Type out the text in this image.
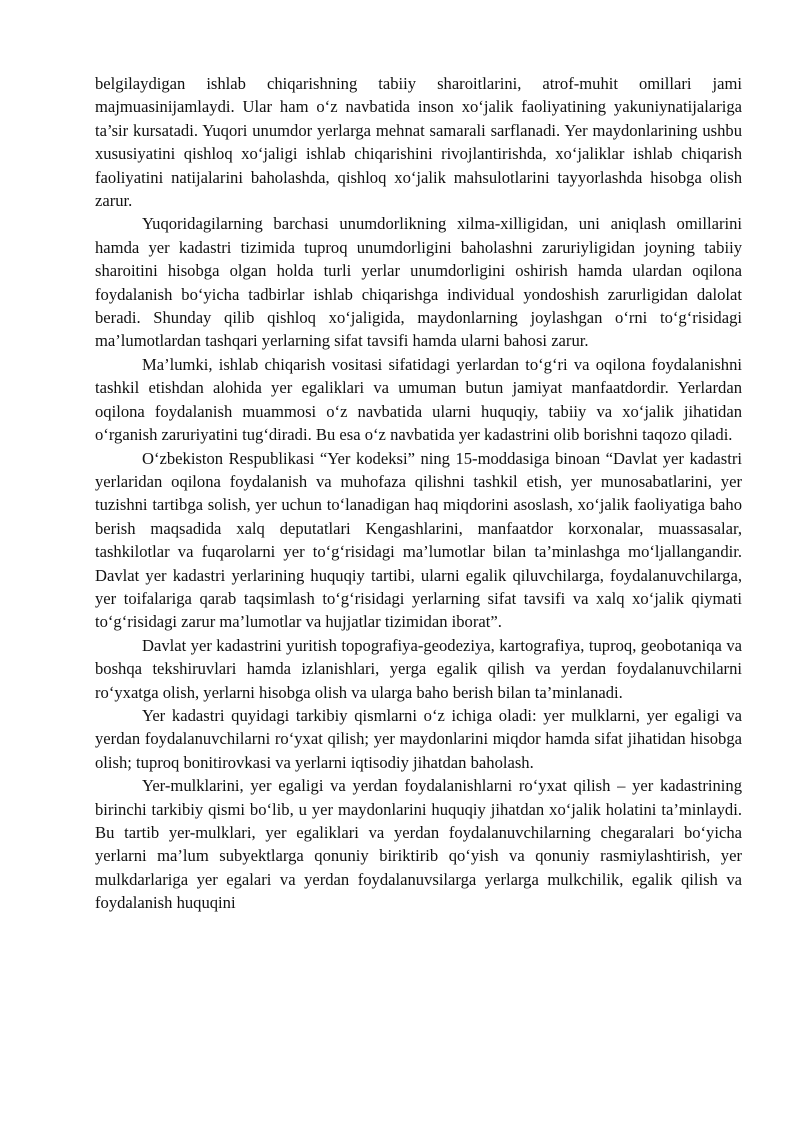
belgilaydigan ishlab chiqarishning tabiiy sharoitlarini, atrof-muhit omillari jami majmuasinijamlaydi. Ular ham o‘z navbatida inson xo‘jalik faoliyatining yakuniynatijalariga ta’sir kursatadi. Yuqori unumdor yerlarga mehnat samarali sarflanadi. Yer maydonlarining ushbu xususiyatini qishloq xo‘jaligi ishlab chiqarishini rivojlantirishda, xo‘jaliklar ishlab chiqarish faoliyatini natijalarini baholashda, qishloq xo‘jalik mahsulotlarini tayyorlashda hisobga olish zarur.

Yuqoridagilarning barchasi unumdorlikning xilma-xilligidan, uni aniqlash omillarini hamda yer kadastri tizimida tuproq unumdorligini baholashni zaruriyligidan joyning tabiiy sharoitini hisobga olgan holda turli yerlar unumdorligini oshirish hamda ulardan oqilona foydalanish bo‘yicha tadbirlar ishlab chiqarishga individual yondoshish zarurligidan dalolat beradi. Shunday qilib qishloq xo‘jaligida, maydonlarning joylashgan o‘rni to‘g‘risidagi ma’lumotlardan tashqari yerlarning sifat tavsifi hamda ularni bahosi zarur.

Ma’lumki, ishlab chiqarish vositasi sifatidagi yerlardan to‘g‘ri va oqilona foydalanishni tashkil etishdan alohida yer egaliklari va umuman butun jamiyat manfaatdordir. Yerlardan oqilona foydalanish muammosi o‘z navbatida ularni huquqiy, tabiiy va xo‘jalik jihatidan o‘rganish zaruriyatini tug‘diradi. Bu esa o‘z navbatida yer kadastrini olib borishni taqozo qiladi.

O‘zbekiston Respublikasi “Yer kodeksi” ning 15-moddasiga binoan “Davlat yer kadastri yerlaridan oqilona foydalanish va muhofaza qilishni tashkil etish, yer munosabatlarini, yer tuzishni tartibga solish, yer uchun to‘lanadigan haq miqdorini asoslash, xo‘jalik faoliyatiga baho berish maqsadida xalq deputatlari Kengashlarini, manfaatdor korxonalar, muassasalar, tashkilotlar va fuqarolarni yer to‘g‘risidagi ma’lumotlar bilan ta’minlashga mo‘ljallangandir. Davlat yer kadastri yerlarining huquqiy tartibi, ularni egalik qiluvchilarga, foydalanuvchilarga, yer toifalariga qarab taqsimlash to‘g‘risidagi yerlarning sifat tavsifi va xalq xo‘jalik qiymati to‘g‘risidagi zarur ma’lumotlar va hujjatlar tizimidan iborat”.

Davlat yer kadastrini yuritish topografiya-geodeziya, kartografiya, tuproq, geobotaniqa va boshqa tekshiruvlari hamda izlanishlari, yerga egalik qilish va yerdan foydalanuvchilarni ro‘yxatga olish, yerlarni hisobga olish va ularga baho berish bilan ta’minlanadi.

Yer kadastri quyidagi tarkibiy qismlarni o‘z ichiga oladi: yer mulklarni, yer egaligi va yerdan foydalanuvchilarni ro‘yxat qilish; yer maydonlarini miqdor hamda sifat jihatidan hisobga olish; tuproq bonitirovkasi va yerlarni iqtisodiy jihatdan baholash.

Yer-mulklarini, yer egaligi va yerdan foydalanishlarni ro‘yxat qilish – yer kadastrining birinchi tarkibiy qismi bo‘lib, u yer maydonlarini huquqiy jihatdan xo‘jalik holatini ta’minlaydi. Bu tartib yer-mulklari, yer egaliklari va yerdan foydalanuvchilarning chegaralari bo‘yicha yerlarni ma’lum subyektlarga qonuniy biriktirib qo‘yish va qonuniy rasmiylashtirish, yer mulkdarlariga yer egalari va yerdan foydalanuvsilarga yerlarga mulkchilik, egalik qilish va foydalanish huquqini
